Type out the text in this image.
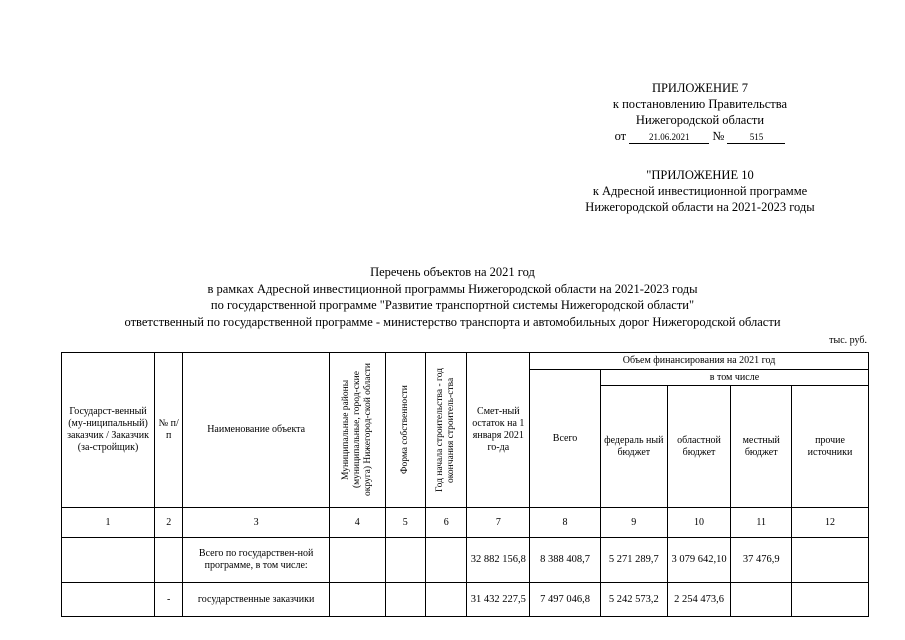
ПРИЛОЖЕНИЕ 7
к постановлению Правительства
Нижегородской области
от	21.06.2021 №	515
"ПРИЛОЖЕНИЕ 10
к Адресной инвестиционной программе
Нижегородской области на 2021-2023 годы
Перечень объектов на 2021 год
в рамках Адресной инвестиционной программы Нижегородской области на 2021-2023 годы
по государственной программе "Развитие транспортной системы Нижегородской области"
ответственный по государственной программе - министерство транспорта и автомобильных дорог Нижегородской области
тыс. руб.
Государст-венный (му-ниципальный) заказчик / Заказчик (за-стройщик)	№ п/п	Наименование объекта	Муниципальные районы (муниципальные, город-ские округа) Нижегород-ской области	Форма собственности	Год начала строительства - год окончания строитель-ства	Смет-ный остаток на 1 января 2021 го-да	Объем финансирования на 2021 год				
							Всего	в том числе			
								федераль ный бюджет	областной бюджет	местный бюджет	прочие источники
1	2	3	4	5	6	7	8	9	10	11	12
		Всего по государствен-ной программе, в том числе:				32 882 156,8	8 388 408,7	5 271 289,7	3 079 642,10	37 476,9	
	-	государственные заказчики				31 432 227,5	7 497 046,8	5 242 573,2	2 254 473,6		
